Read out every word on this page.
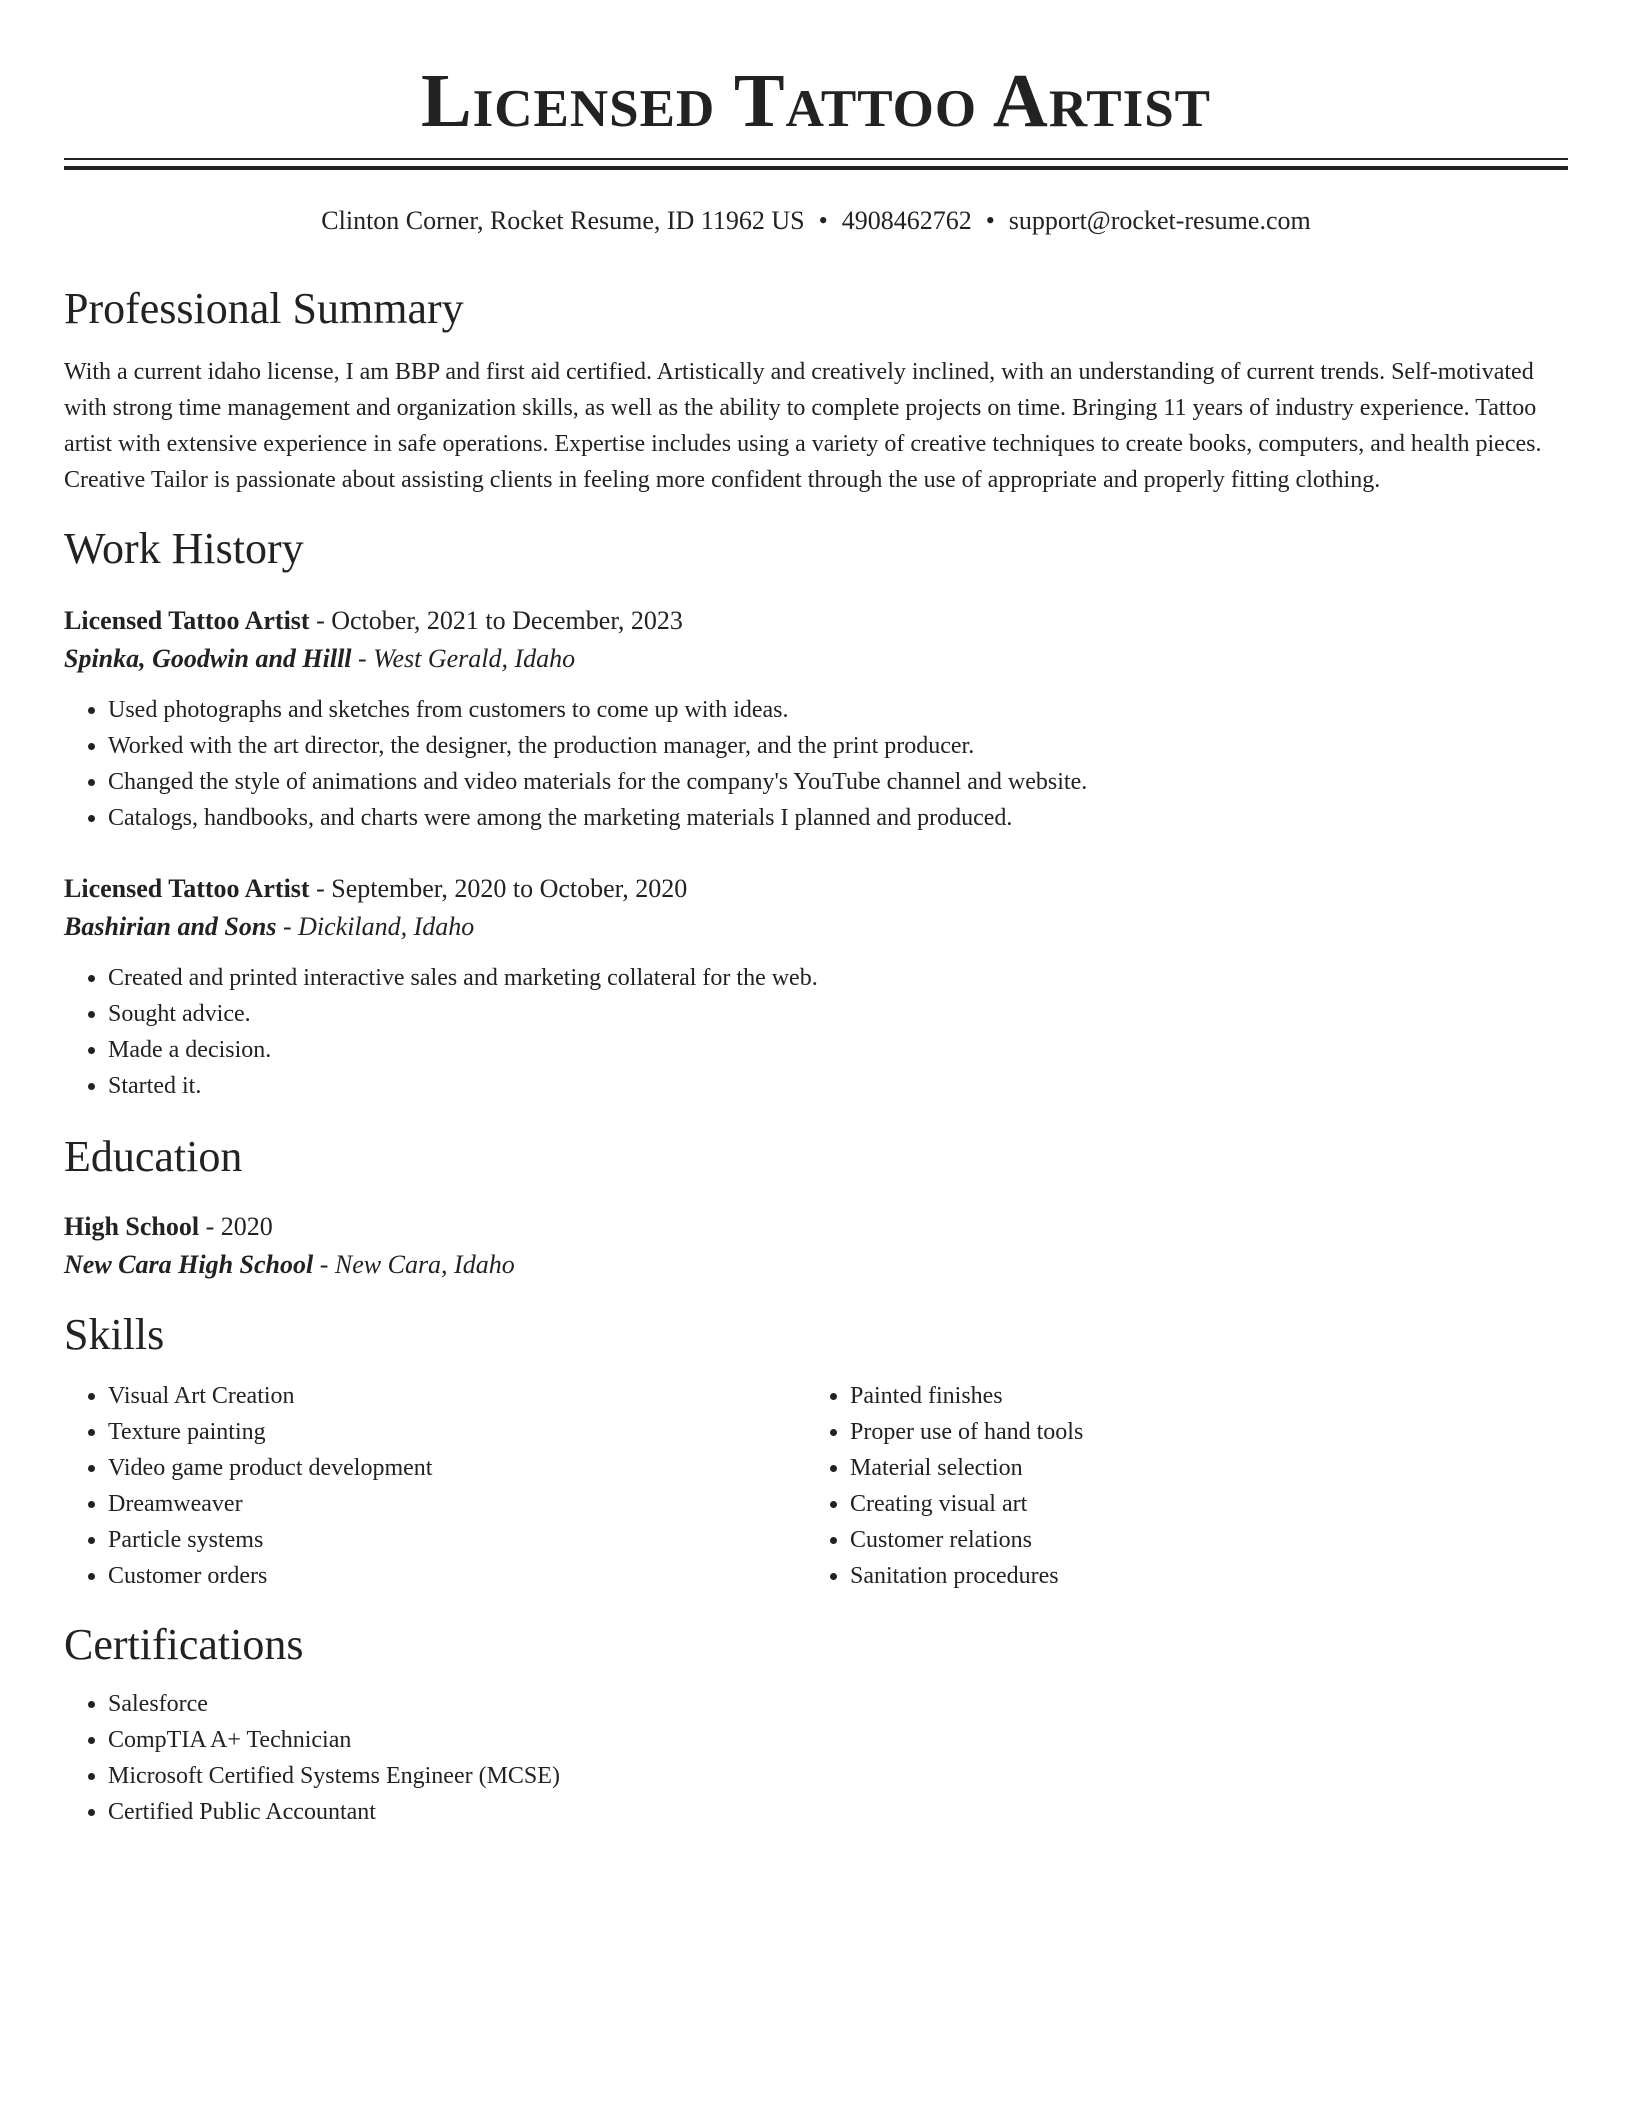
Licensed Tattoo Artist
Clinton Corner, Rocket Resume, ID 11962 US • 4908462762 • support@rocket-resume.com
Professional Summary
With a current idaho license, I am BBP and first aid certified. Artistically and creatively inclined, with an understanding of current trends. Self-motivated with strong time management and organization skills, as well as the ability to complete projects on time. Bringing 11 years of industry experience. Tattoo artist with extensive experience in safe operations. Expertise includes using a variety of creative techniques to create books, computers, and health pieces. Creative Tailor is passionate about assisting clients in feeling more confident through the use of appropriate and properly fitting clothing.
Work History
Licensed Tattoo Artist - October, 2021 to December, 2023
Spinka, Goodwin and Hilll - West Gerald, Idaho
• Used photographs and sketches from customers to come up with ideas.
• Worked with the art director, the designer, the production manager, and the print producer.
• Changed the style of animations and video materials for the company's YouTube channel and website.
• Catalogs, handbooks, and charts were among the marketing materials I planned and produced.
Licensed Tattoo Artist - September, 2020 to October, 2020
Bashirian and Sons - Dickiland, Idaho
• Created and printed interactive sales and marketing collateral for the web.
• Sought advice.
• Made a decision.
• Started it.
Education
High School - 2020
New Cara High School - New Cara, Idaho
Skills
• Visual Art Creation
• Texture painting
• Video game product development
• Dreamweaver
• Particle systems
• Customer orders
• Painted finishes
• Proper use of hand tools
• Material selection
• Creating visual art
• Customer relations
• Sanitation procedures
Certifications
• Salesforce
• CompTIA A+ Technician
• Microsoft Certified Systems Engineer (MCSE)
• Certified Public Accountant
